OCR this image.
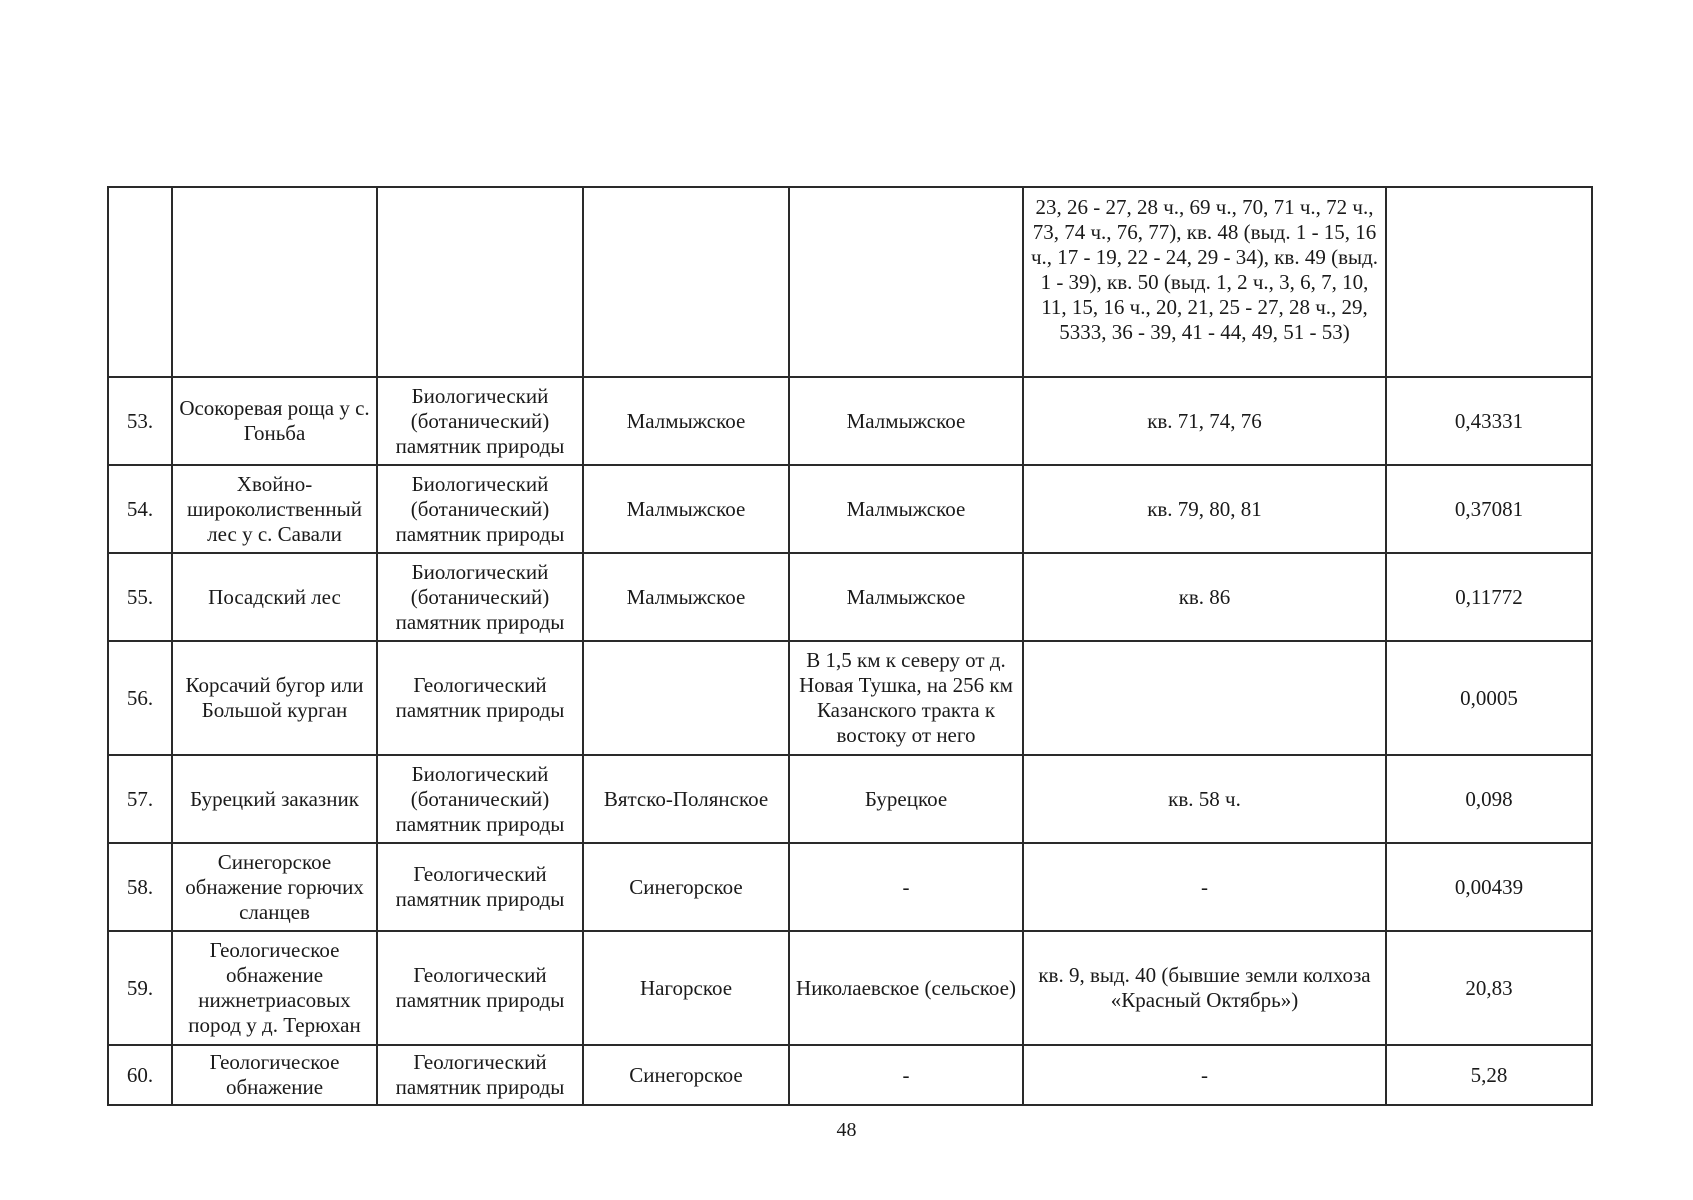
					23, 26 - 27, 28 ч., 69 ч., 70, 71 ч., 72 ч., 73, 74 ч., 76, 77), кв. 48 (выд. 1 - 15, 16 ч., 17 - 19, 22 - 24, 29 - 34), кв. 49 (выд. 1 - 39), кв. 50 (выд. 1, 2 ч., 3, 6, 7, 10, 11, 15, 16 ч., 20, 21, 25 - 27, 28 ч., 29, 5333, 36 - 39, 41 - 44, 49, 51 - 53)	
53.	Осокоревая роща у с. Гоньба	Биологический (ботанический) памятник природы	Малмыжское	Малмыжское	кв. 71, 74, 76	0,43331
54.	Хвойно-широколиственный лес у с. Савали	Биологический (ботанический) памятник природы	Малмыжское	Малмыжское	кв. 79, 80, 81	0,37081
55.	Посадский лес	Биологический (ботанический) памятник природы	Малмыжское	Малмыжское	кв. 86	0,11772
56.	Корсачий бугор или Большой курган	Геологический памятник природы		В 1,5 км к северу от д. Новая Тушка, на 256 км Казанского тракта к востоку от него		0,0005
57.	Бурецкий заказник	Биологический (ботанический) памятник природы	Вятско-Полянское	Бурецкое	кв. 58 ч.	0,098
58.	Синегорское обнажение горючих сланцев	Геологический памятник природы	Синегорское	-	-	0,00439
59.	Геологическое обнажение нижнетриасовых пород у д. Терюхан	Геологический памятник природы	Нагорское	Николаевское (сельское)	кв. 9, выд. 40 (бывшие земли колхоза «Красный Октябрь»)	20,83
60.	Геологическое обнажение	Геологический памятник природы	Синегорское	-	-	5,28
48
